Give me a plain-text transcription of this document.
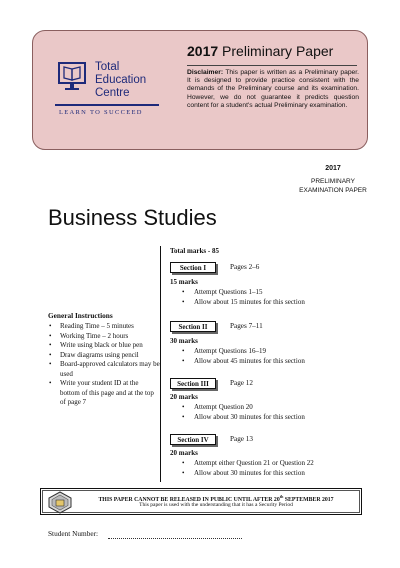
Total
Education
Centre
LEARN TO SUCCEED
2017 Preliminary Paper
Disclaimer: This paper is written as a Preliminary paper. It is designed to provide practice consistent with the demands of the Preliminary course and its examination. However, we do not guarantee it predicts question content for a student's actual Preliminary examination.
2017
PRELIMINARY
EXAMINATION PAPER
Business Studies
Total marks - 85
Section I	Pages 2–6
15 marks
• Attempt Questions 1–15
• Allow about 15 minutes for this section
Section II	Pages 7–11
30 marks
• Attempt Questions 16–19
• Allow about 45 minutes for this section
Section III	Page 12
20 marks
• Attempt Question 20
• Allow about 30 minutes for this section
Section IV	Page 13
20 marks
• Attempt either Question 21 or Question 22
• Allow about 30 minutes for this section
General Instructions
• Reading Time – 5 minutes
• Working Time – 2 hours
• Write using black or blue pen
• Draw diagrams using pencil
• Board-approved calculators may be used
• Write your student ID at the bottom of this page and at the top of page 7
THIS PAPER CANNOT BE RELEASED IN PUBLIC UNTIL AFTER 20th SEPTEMBER 2017
This paper is used with the understanding that it has a Security Period
Student Number:
